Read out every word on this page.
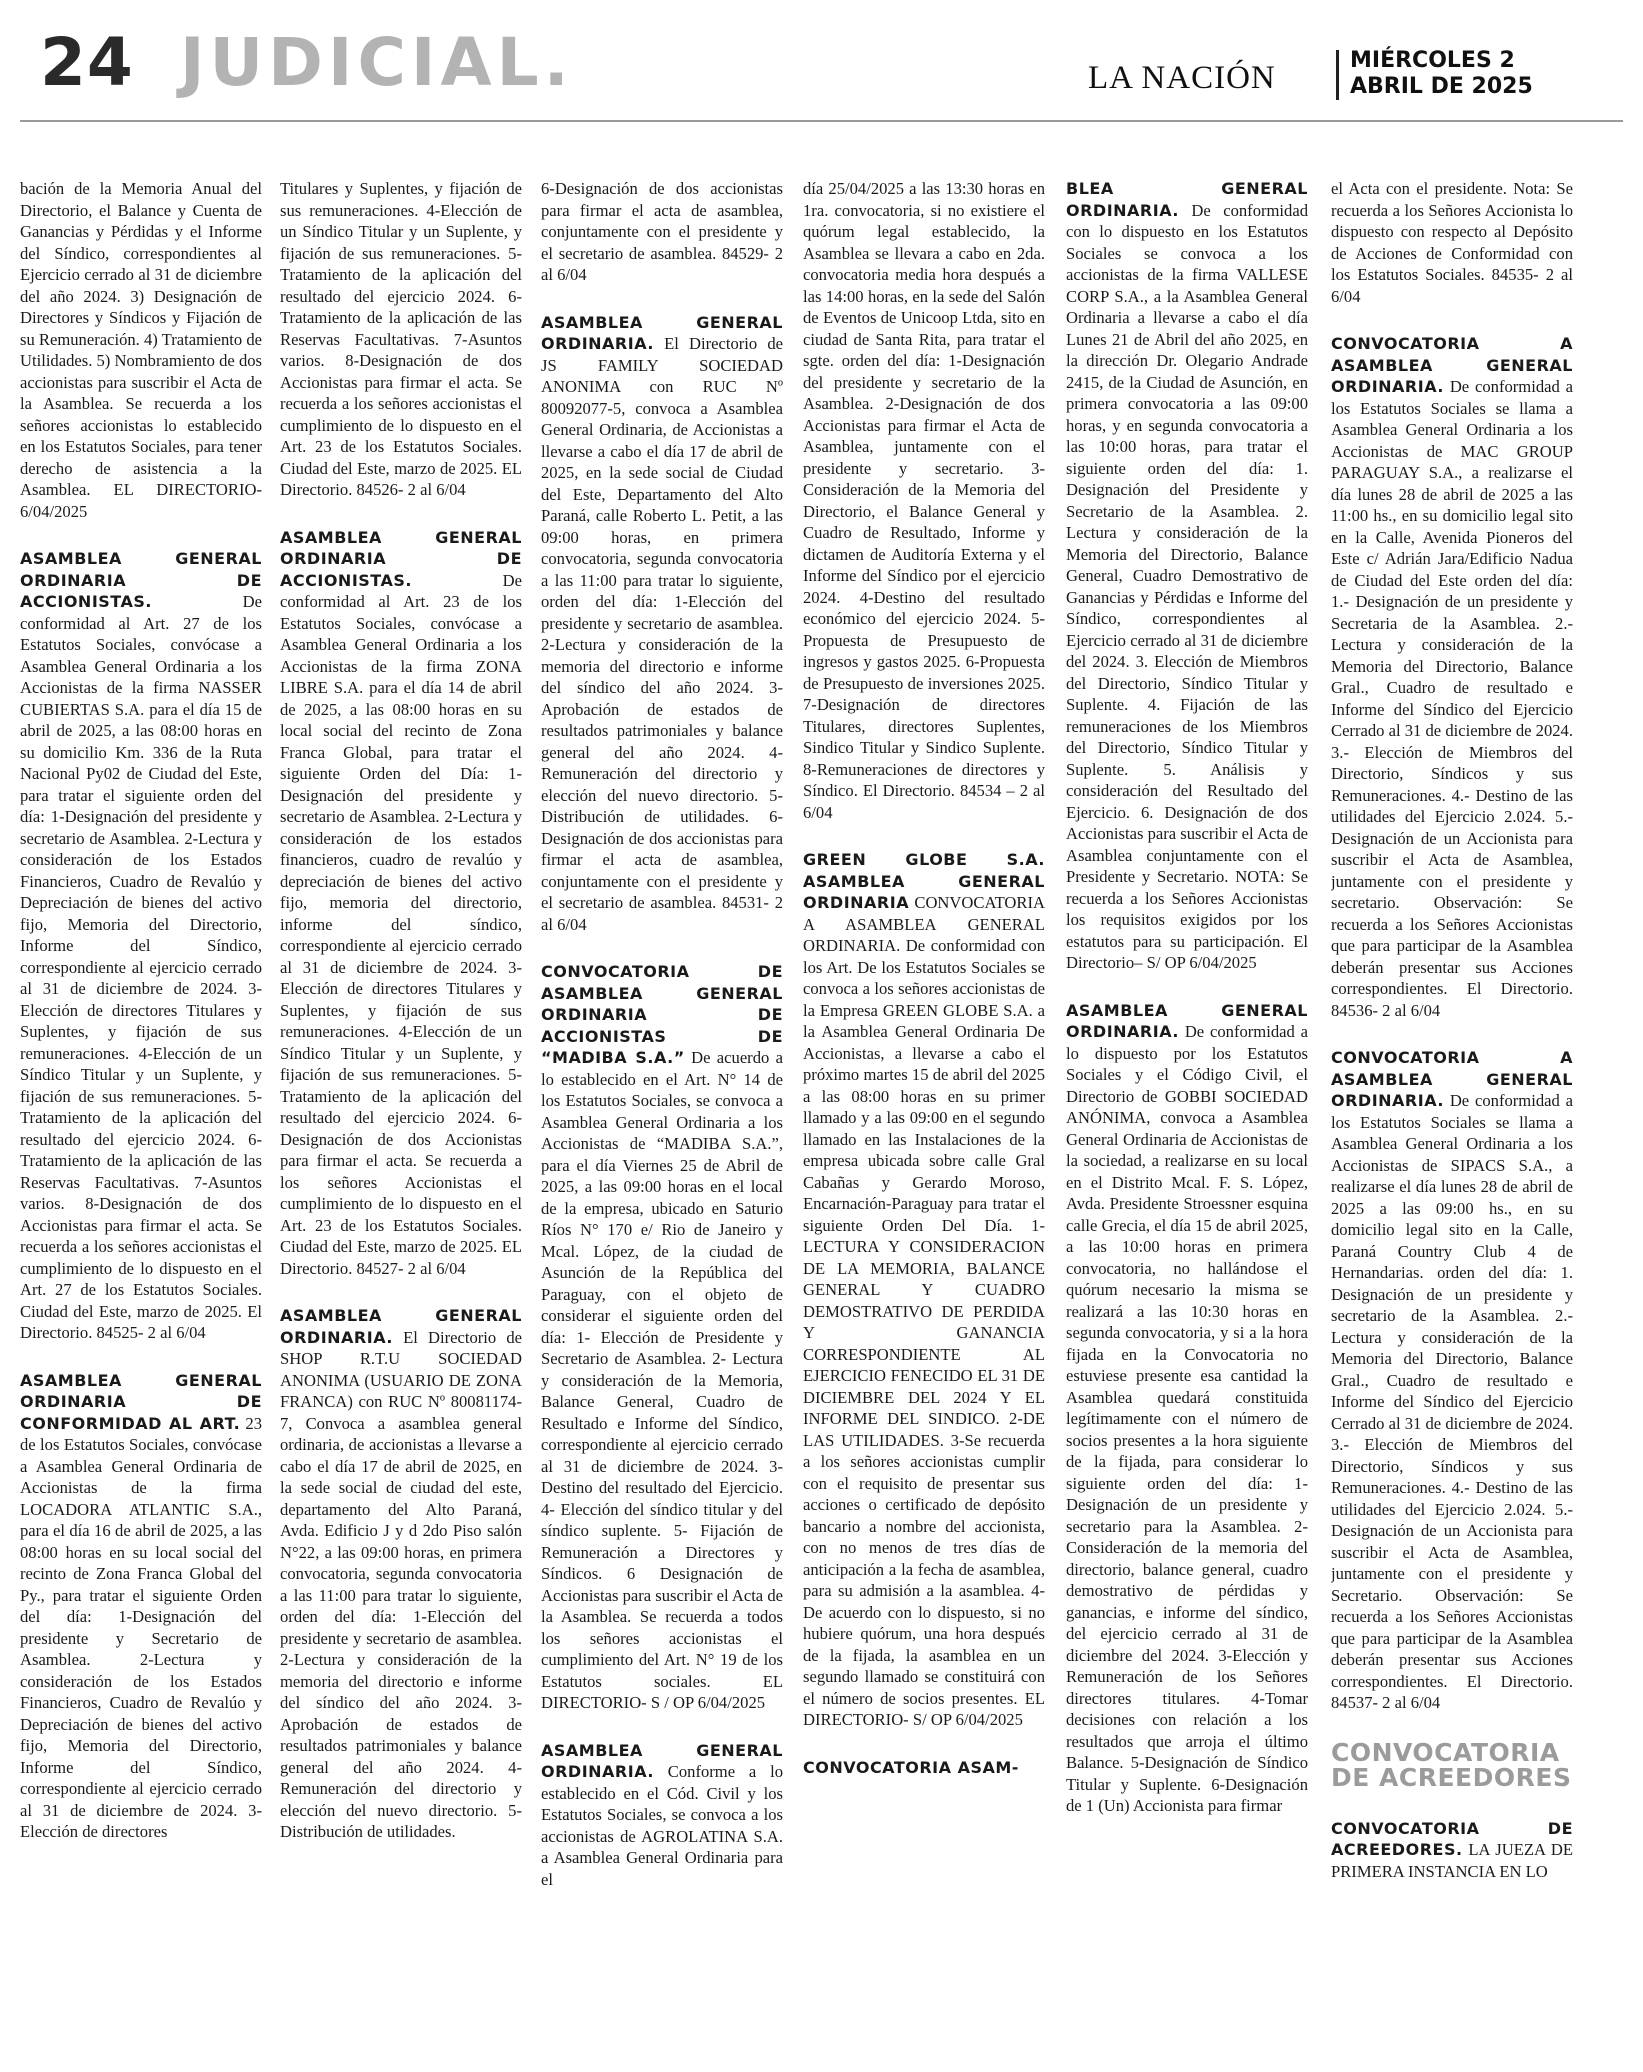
24 JUDICIAL.	LA NACIÓN	MIÉRCOLES 2
ABRIL DE 2025

bación de la Memoria Anual del Directorio, el Balance y Cuenta de Ganancias y Pérdidas y el Informe del Síndico, correspondientes al Ejercicio cerrado al 31 de diciembre del año 2024. 3) Designación de Directores y Síndicos y Fijación de su Remuneración. 4) Tratamiento de Utilidades. 5) Nombramiento de dos accionistas para suscribir el Acta de la Asamblea. Se recuerda a los señores accionistas lo establecido en los Estatutos Sociales, para tener derecho de asistencia a la Asamblea. EL DIRECTORIO- 6/04/2025

ASAMBLEA GENERAL ORDINARIA DE ACCIONISTAS.	De conformidad al Art. 27 de los Estatutos Sociales, convócase a Asamblea General Ordinaria a los Accionistas de la firma NASSER CUBIERTAS S.A. para el día 15 de abril de 2025, a las 08:00 horas en su domicilio Km. 336 de la Ruta Nacional Py02 de Ciudad del Este, para tratar el siguiente orden del día: 1-Designación del presidente y secretario de Asamblea. 2-Lectura y consideración de los Estados Financieros, Cuadro de Revalúo y Depreciación de bienes del activo fijo, Memoria del Directorio, Informe del Síndico, correspondiente al ejercicio cerrado al 31 de diciembre de 2024. 3-Elección de directores Titulares y Suplentes, y fijación de sus remuneraciones. 4-Elección de un Síndico Titular y un Suplente, y fijación de sus remuneraciones. 5-Tratamiento de la aplicación del resultado del ejercicio 2024. 6-Tratamiento de la aplicación de las Reservas Facultativas. 7-Asuntos varios. 8-Designación de dos Accionistas para firmar el acta. Se recuerda a los señores accionistas el cumplimiento de lo dispuesto en el Art. 27 de los Estatutos Sociales. Ciudad del Este, marzo de 2025. El Directorio. 84525- 2 al 6/04

ASAMBLEA GENERAL ORDINARIA DE CONFORMIDAD AL ART. 23 de los Estatutos Sociales, convócase a Asamblea General Ordinaria de Accionistas de la firma LOCADORA ATLANTIC S.A., para el día 16 de abril de 2025, a las 08:00 horas en su local social del recinto de Zona Franca Global del Py., para tratar el siguiente Orden del día: 1-Designación del presidente y Secretario de Asamblea. 2-Lectura y consideración de los Estados Financieros, Cuadro de Revalúo y Depreciación de bienes del activo fijo, Memoria del Directorio, Informe del Síndico, correspondiente al ejercicio cerrado al 31 de diciembre de 2024. 3-Elección de directores

Titulares y Suplentes, y fijación de sus remuneraciones. 4-Elección de un Síndico Titular y un Suplente, y fijación de sus remuneraciones. 5-Tratamiento de la aplicación del resultado del ejercicio 2024. 6-Tratamiento de la aplicación de las Reservas Facultativas. 7-Asuntos varios. 8-Designación de dos Accionistas para firmar el acta. Se recuerda a los señores accionistas el cumplimiento de lo dispuesto en el Art. 23 de los Estatutos Sociales. Ciudad del Este, marzo de 2025. EL Directorio. 84526- 2 al 6/04

ASAMBLEA GENERAL ORDINARIA DE ACCIONISTAS.	De conformidad al Art. 23 de los Estatutos Sociales, convócase a Asamblea General Ordinaria a los Accionistas de la firma ZONA LIBRE S.A. para el día 14 de abril de 2025, a las 08:00 horas en su local social del recinto de Zona Franca Global, para tratar el siguiente Orden del Día: 1-Designación del presidente y secretario de Asamblea. 2-Lectura y consideración de los estados financieros, cuadro de revalúo y depreciación de bienes del activo fijo, memoria del directorio, informe del síndico, correspondiente al ejercicio cerrado al 31 de diciembre de 2024. 3-Elección de directores Titulares y Suplentes, y fijación de sus remuneraciones. 4-Elección de un Síndico Titular y un Suplente, y fijación de sus remuneraciones. 5-Tratamiento de la aplicación del resultado del ejercicio 2024. 6-Designación de dos Accionistas para firmar el acta. Se recuerda a los señores Accionistas el cumplimiento de lo dispuesto en el Art. 23 de los Estatutos Sociales. Ciudad del Este, marzo de 2025. EL Directorio. 84527- 2 al 6/04

ASAMBLEA GENERAL ORDINARIA. El Directorio de SHOP R.T.U SOCIEDAD ANONIMA (USUARIO DE ZONA FRANCA) con RUC Nº 80081174-7, Convoca a asamblea general ordinaria, de accionistas a llevarse a cabo el día 17 de abril de 2025, en la sede social de ciudad del este, departamento del Alto Paraná, Avda. Edificio J y d 2do Piso salón N°22, a las 09:00 horas, en primera convocatoria, segunda convocatoria a las 11:00 para tratar lo siguiente, orden del día: 1-Elección del presidente y secretario de asamblea. 2-Lectura y consideración de la memoria del directorio e informe del síndico del año 2024. 3-Aprobación de estados de resultados patrimoniales y balance general del año 2024. 4-Remuneración del directorio y elección del nuevo directorio. 5-Distribución de utilidades.

6-Designación de dos accionistas para firmar el acta de asamblea, conjuntamente con el presidente y el secretario de asamblea. 84529- 2 al 6/04

ASAMBLEA GENERAL ORDINARIA. El Directorio de JS FAMILY SOCIEDAD ANONIMA con RUC Nº 80092077-5, convoca a Asamblea General Ordinaria, de Accionistas a llevarse a cabo el día 17 de abril de 2025, en la sede social de Ciudad del Este, Departamento del Alto Paraná, calle Roberto L. Petit, a las 09:00 horas, en primera convocatoria, segunda convocatoria a las 11:00 para tratar lo siguiente, orden del día: 1-Elección del presidente y secretario de asamblea. 2-Lectura y consideración de la memoria del directorio e informe del síndico del año 2024. 3-Aprobación de estados de resultados patrimoniales y balance general del año 2024. 4-Remuneración del directorio y elección del nuevo directorio. 5-Distribución de utilidades. 6-Designación de dos accionistas para firmar el acta de asamblea, conjuntamente con el presidente y el secretario de asamblea. 84531- 2 al 6/04

CONVOCATORIA DE ASAMBLEA GENERAL ORDINARIA DE ACCIONISTAS DE “MADIBA S.A.” De acuerdo a lo establecido en el Art. N° 14 de los Estatutos Sociales, se convoca a Asamblea General Ordinaria a los Accionistas de “MADIBA S.A.”, para el día Viernes 25 de Abril de 2025, a las 09:00 horas en el local de la empresa, ubicado en Saturio Ríos N° 170 e/ Rio de Janeiro y Mcal. López, de la ciudad de Asunción de la República del Paraguay, con el objeto de considerar el siguiente orden del día: 1- Elección de Presidente y Secretario de Asamblea. 2- Lectura y consideración de la Memoria, Balance General, Cuadro de Resultado e Informe del Síndico, correspondiente al ejercicio cerrado al 31 de diciembre de 2024. 3- Destino del resultado del Ejercicio. 4- Elección del síndico titular y del síndico suplente. 5- Fijación de Remuneración a Directores y Síndicos. 6 Designación de Accionistas para suscribir el Acta de la Asamblea. Se recuerda a todos los señores accionistas el cumplimiento del Art. N° 19 de los Estatutos sociales. EL DIRECTORIO- S / OP 6/04/2025

ASAMBLEA GENERAL ORDINARIA. Conforme a lo establecido en el Cód. Civil y los Estatutos Sociales, se convoca a los accionistas de AGROLATINA S.A. a Asamblea General Ordinaria para el

día 25/04/2025 a las 13:30 horas en 1ra. convocatoria, si no existiere el quórum legal establecido, la Asamblea se llevara a cabo en 2da. convocatoria media hora después a las 14:00 horas, en la sede del Salón de Eventos de Unicoop Ltda, sito en ciudad de Santa Rita, para tratar el sgte. orden del día: 1-Designación del presidente y secretario de la Asamblea. 2-Designación de dos Accionistas para firmar el Acta de Asamblea, juntamente con el presidente y secretario. 3-Consideración de la Memoria del Directorio, el Balance General y Cuadro de Resultado, Informe y dictamen de Auditoría Externa y el Informe del Síndico por el ejercicio 2024. 4-Destino del resultado económico del ejercicio 2024. 5-Propuesta de Presupuesto de ingresos y gastos 2025. 6-Propuesta de Presupuesto de inversiones 2025. 7-Designación de directores Titulares, directores Suplentes, Sindico Titular y Sindico Suplente. 8-Remuneraciones de directores y Síndico. El Directorio. 84534 – 2 al 6/04

GREEN GLOBE S.A. ASAMBLEA GENERAL ORDINARIA CONVOCATORIA A ASAMBLEA GENERAL ORDINARIA. De conformidad con los Art. De los Estatutos Sociales se convoca a los señores accionistas de la Empresa GREEN GLOBE S.A. a la Asamblea General Ordinaria De Accionistas, a llevarse a cabo el próximo martes 15 de abril del 2025 a las 08:00 horas en su primer llamado y a las 09:00 en el segundo llamado en las Instalaciones de la empresa ubicada sobre calle Gral Cabañas y Gerardo Moroso, Encarnación-Paraguay para tratar el siguiente Orden Del Día. 1-LECTURA Y CONSIDERACION DE LA MEMORIA, BALANCE GENERAL Y CUADRO DEMOSTRATIVO DE PERDIDA Y GANANCIA CORRESPONDIENTE AL EJERCICIO FENECIDO EL 31 DE DICIEMBRE DEL 2024 Y EL INFORME DEL SINDICO. 2-DE LAS UTILIDADES. 3-Se recuerda a los señores accionistas cumplir con el requisito de presentar sus acciones o certificado de depósito bancario a nombre del accionista, con no menos de tres días de anticipación a la fecha de asamblea, para su admisión a la asamblea. 4-De acuerdo con lo dispuesto, si no hubiere quórum, una hora después de la fijada, la asamblea en un segundo llamado se constituirá con el número de socios presentes. EL DIRECTORIO- S/ OP 6/04/2025

CONVOCATORIA ASAM-

BLEA GENERAL ORDINARIA. De conformidad con lo dispuesto en los Estatutos Sociales se convoca a los accionistas de la firma VALLESE CORP S.A., a la Asamblea General Ordinaria a llevarse a cabo el día Lunes 21 de Abril del año 2025, en la dirección Dr. Olegario Andrade 2415, de la Ciudad de Asunción, en primera convocatoria a las 09:00 horas, y en segunda convocatoria a las 10:00 horas, para tratar el siguiente orden del día: 1. Designación del Presidente y Secretario de la Asamblea. 2. Lectura y consideración de la Memoria del Directorio, Balance General, Cuadro Demostrativo de Ganancias y Pérdidas e Informe del Síndico, correspondientes al Ejercicio cerrado al 31 de diciembre del 2024. 3. Elección de Miembros del Directorio, Síndico Titular y Suplente. 4. Fijación de las remuneraciones de los Miembros del Directorio, Síndico Titular y Suplente. 5. Análisis y consideración del Resultado del Ejercicio. 6. Designación de dos Accionistas para suscribir el Acta de Asamblea conjuntamente con el Presidente y Secretario. NOTA: Se recuerda a los Señores Accionistas los requisitos exigidos por los estatutos para su participación. El Directorio– S/ OP 6/04/2025

ASAMBLEA GENERAL ORDINARIA. De conformidad a lo dispuesto por los Estatutos Sociales y el Código Civil, el Directorio de GOBBI SOCIEDAD ANÓNIMA, convoca a Asamblea General Ordinaria de Accionistas de la sociedad, a realizarse en su local en el Distrito Mcal. F. S. López, Avda. Presidente Stroessner esquina calle Grecia, el día 15 de abril 2025, a las 10:00 horas en primera convocatoria, no hallándose el quórum necesario la misma se realizará a las 10:30 horas en segunda convocatoria, y si a la hora fijada en la Convocatoria no estuviese presente esa cantidad la Asamblea quedará constituida legítimamente con el número de socios presentes a la hora siguiente de la fijada, para considerar lo siguiente orden del día: 1-Designación de un presidente y secretario para la Asamblea. 2-Consideración de la memoria del directorio, balance general, cuadro demostrativo de pérdidas y ganancias, e informe del síndico, del ejercicio cerrado al 31 de diciembre del 2024. 3-Elección y Remuneración de los Señores directores titulares. 4-Tomar decisiones con relación a los resultados que arroja el último Balance. 5-Designación de Síndico Titular y Suplente. 6-Designación de 1 (Un) Accionista para firmar

el Acta con el presidente. Nota: Se recuerda a los Señores Accionista lo dispuesto con respecto al Depósito de Acciones de Conformidad con los Estatutos Sociales. 84535- 2 al 6/04

CONVOCATORIA A ASAMBLEA GENERAL ORDINARIA. De conformidad a los Estatutos Sociales se llama a Asamblea General Ordinaria a los Accionistas de MAC GROUP PARAGUAY S.A., a realizarse el día lunes 28 de abril de 2025 a las 11:00 hs., en su domicilio legal sito en la Calle, Avenida Pioneros del Este c/ Adrián Jara/Edificio Nadua de Ciudad del Este orden del día: 1.- Designación de un presidente y Secretaria de la Asamblea. 2.- Lectura y consideración de la Memoria del Directorio, Balance Gral., Cuadro de resultado e Informe del Síndico del Ejercicio Cerrado al 31 de diciembre de 2024. 3.- Elección de Miembros del Directorio, Síndicos y sus Remuneraciones. 4.- Destino de las utilidades del Ejercicio 2.024. 5.- Designación de un Accionista para suscribir el Acta de Asamblea, juntamente con el presidente y secretario. Observación: Se recuerda a los Señores Accionistas que para participar de la Asamblea deberán presentar sus Acciones correspondientes. El Directorio. 84536- 2 al 6/04

CONVOCATORIA A ASAMBLEA GENERAL ORDINARIA. De conformidad a los Estatutos Sociales se llama a Asamblea General Ordinaria a los Accionistas de SIPACS S.A., a realizarse el día lunes 28 de abril de 2025 a las 09:00 hs., en su domicilio legal sito en la Calle, Paraná Country Club 4 de Hernandarias. orden del día: 1. Designación de un presidente y secretario de la Asamblea. 2.- Lectura y consideración de la Memoria del Directorio, Balance Gral., Cuadro de resultado e Informe del Síndico del Ejercicio Cerrado al 31 de diciembre de 2024. 3.- Elección de Miembros del Directorio, Síndicos y sus Remuneraciones. 4.- Destino de las utilidades del Ejercicio 2.024. 5.- Designación de un Accionista para suscribir el Acta de Asamblea, juntamente con el presidente y Secretario. Observación: Se recuerda a los Señores Accionistas que para participar de la Asamblea deberán presentar sus Acciones correspondientes. El Directorio. 84537- 2 al 6/04

CONVOCATORIA
DE ACREEDORES

CONVOCATORIA DE ACREEDORES. LA JUEZA DE PRIMERA INSTANCIA EN LO
